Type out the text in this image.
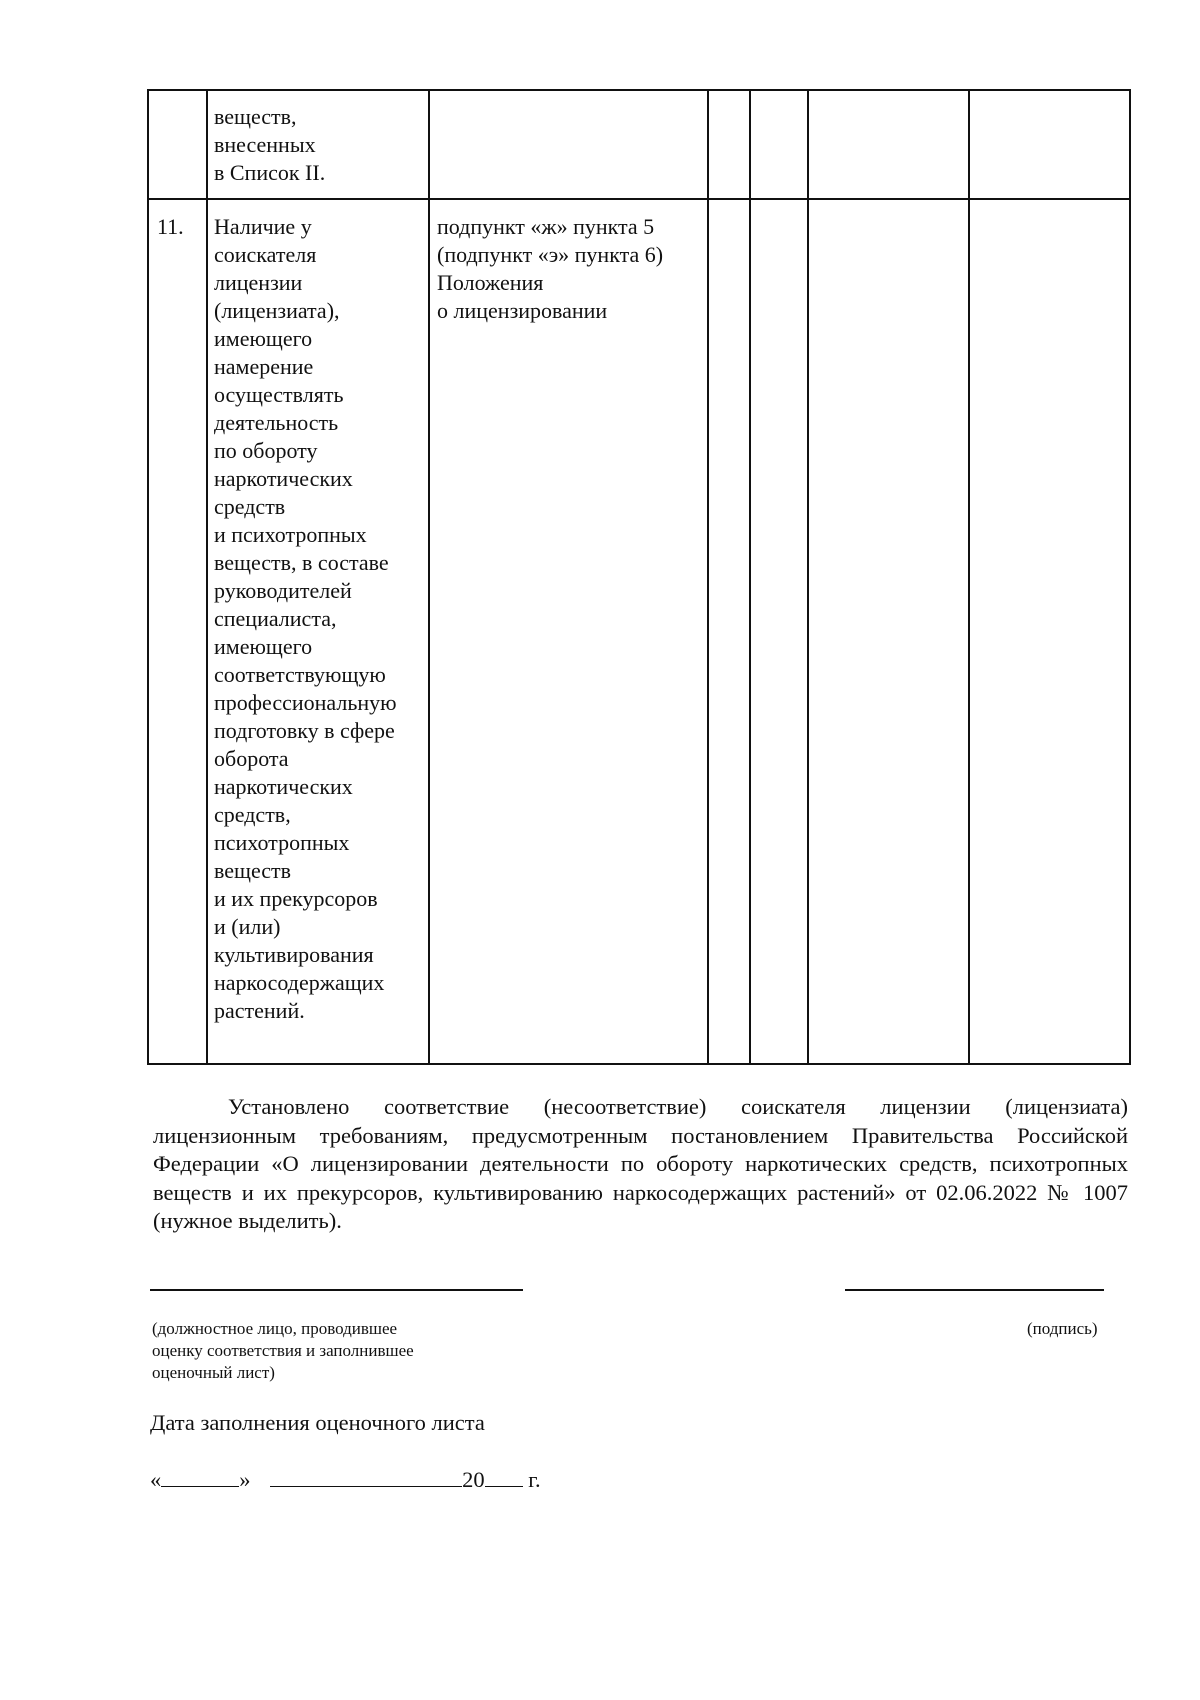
веществ,
внесенных
в Список II.
11. Наличие у
соискателя
лицензии
(лицензиата),
имеющего
намерение
осуществлять
деятельность
по обороту
наркотических
средств
и психотропных
веществ, в составе
руководителей
специалиста,
имеющего
соответствующую
профессиональную
подготовку в сфере
оборота
наркотических
средств,
психотропных
веществ
и их прекурсоров
и (или)
культивирования
наркосодержащих
растений.
подпункт «ж» пункта 5
(подпункт «э» пункта 6)
Положения
о лицензировании
Установлено соответствие (несоответствие) соискателя лицензии (лицензиата) лицензионным требованиям, предусмотренным постановлением Правительства Российской Федерации «О лицензировании деятельности по обороту наркотических средств, психотропных веществ и их прекурсоров, культивированию наркосодержащих растений» от 02.06.2022 № 1007 (нужное выделить).
(должностное лицо, проводившее
оценку соответствия и заполнившее
оценочный лист)
(подпись)
Дата заполнения оценочного листа
«	»	20 г.
